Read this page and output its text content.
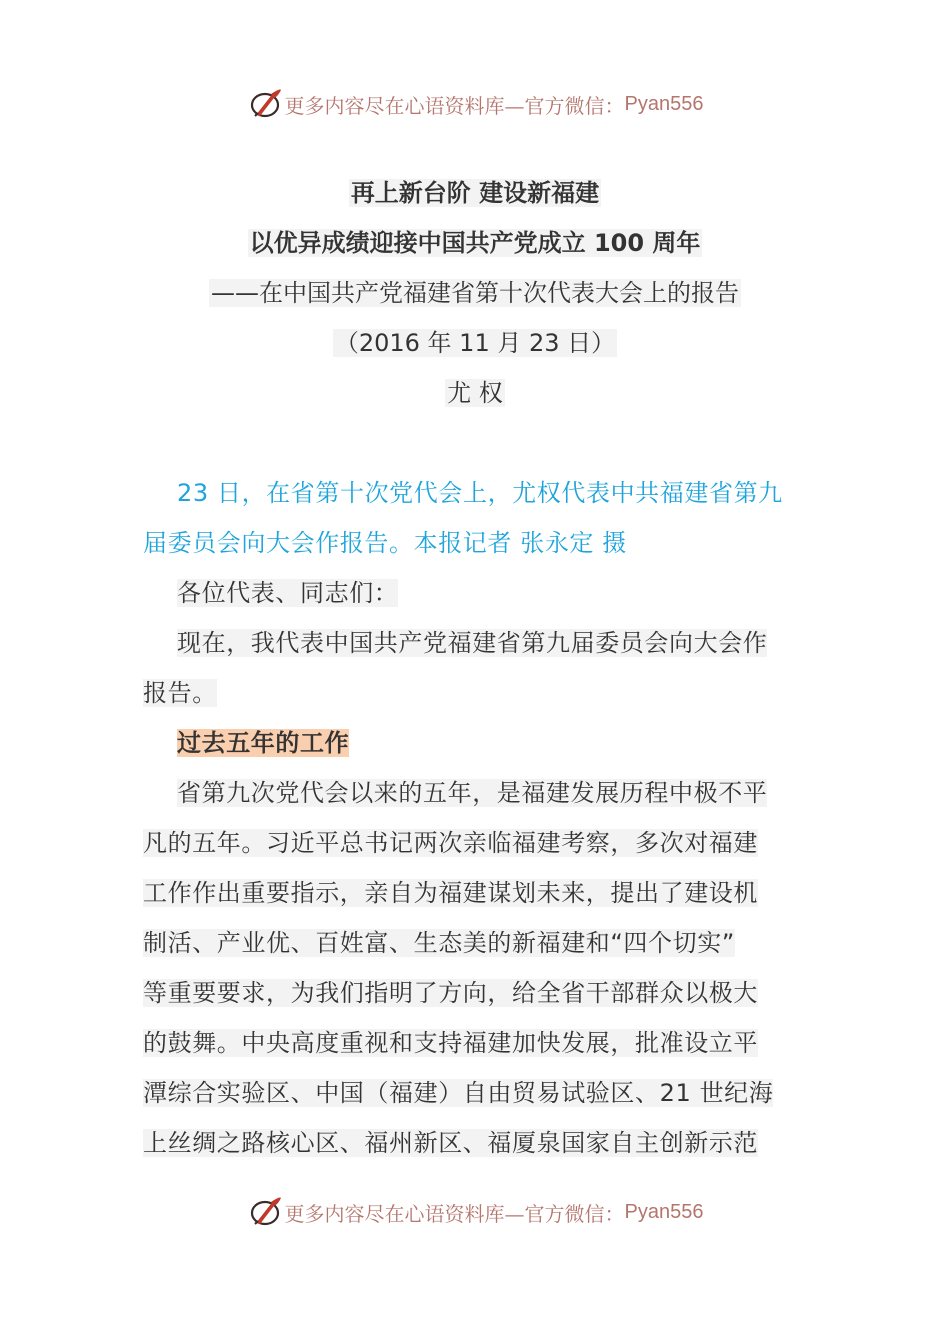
更多内容尽在心语资料库—官方微信： Pyan556
再上新台阶 建设新福建
以优异成绩迎接中国共产党成立 100 周年
——在中国共产党福建省第十次代表大会上的报告
（2016 年 11 月 23 日）
尤 权
23 日，在省第十次党代会上，尤权代表中共福建省第九
届委员会向大会作报告。本报记者 张永定 摄
各位代表、同志们：
现在，我代表中国共产党福建省第九届委员会向大会作
报告。
过去五年的工作
省第九次党代会以来的五年，是福建发展历程中极不平
凡的五年。习近平总书记两次亲临福建考察，多次对福建
工作作出重要指示，亲自为福建谋划未来，提出了建设机
制活、产业优、百姓富、生态美的新福建和“四个切实”
等重要要求，为我们指明了方向，给全省干部群众以极大
的鼓舞。中央高度重视和支持福建加快发展，批准设立平
潭综合实验区、中国（福建）自由贸易试验区、21 世纪海
上丝绸之路核心区、福州新区、福厦泉国家自主创新示范
更多内容尽在心语资料库—官方微信： Pyan556
